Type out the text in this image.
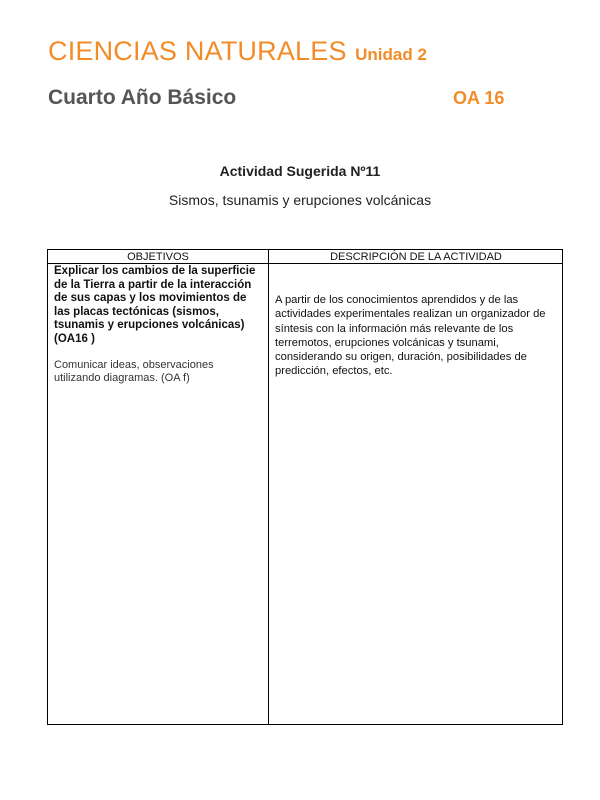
CIENCIAS NATURALES Unidad 2
Cuarto Año Básico	OA 16
Actividad Sugerida Nº11
Sismos, tsunamis y erupciones volcánicas
OBJETIVOS	DESCRIPCIÓN DE LA ACTIVIDAD
Explicar los cambios de la superficie de la Tierra a partir de la interacción de sus capas y los movimientos de las placas tectónicas (sismos, tsunamis y erupciones volcánicas) (OA16 )
Comunicar ideas, observaciones utilizando diagramas. (OA f)
A partir de los conocimientos aprendidos y de las actividades experimentales realizan un organizador de síntesis con la información más relevante de los terremotos, erupciones volcánicas y tsunami, considerando su origen, duración, posibilidades de predicción, efectos, etc.
